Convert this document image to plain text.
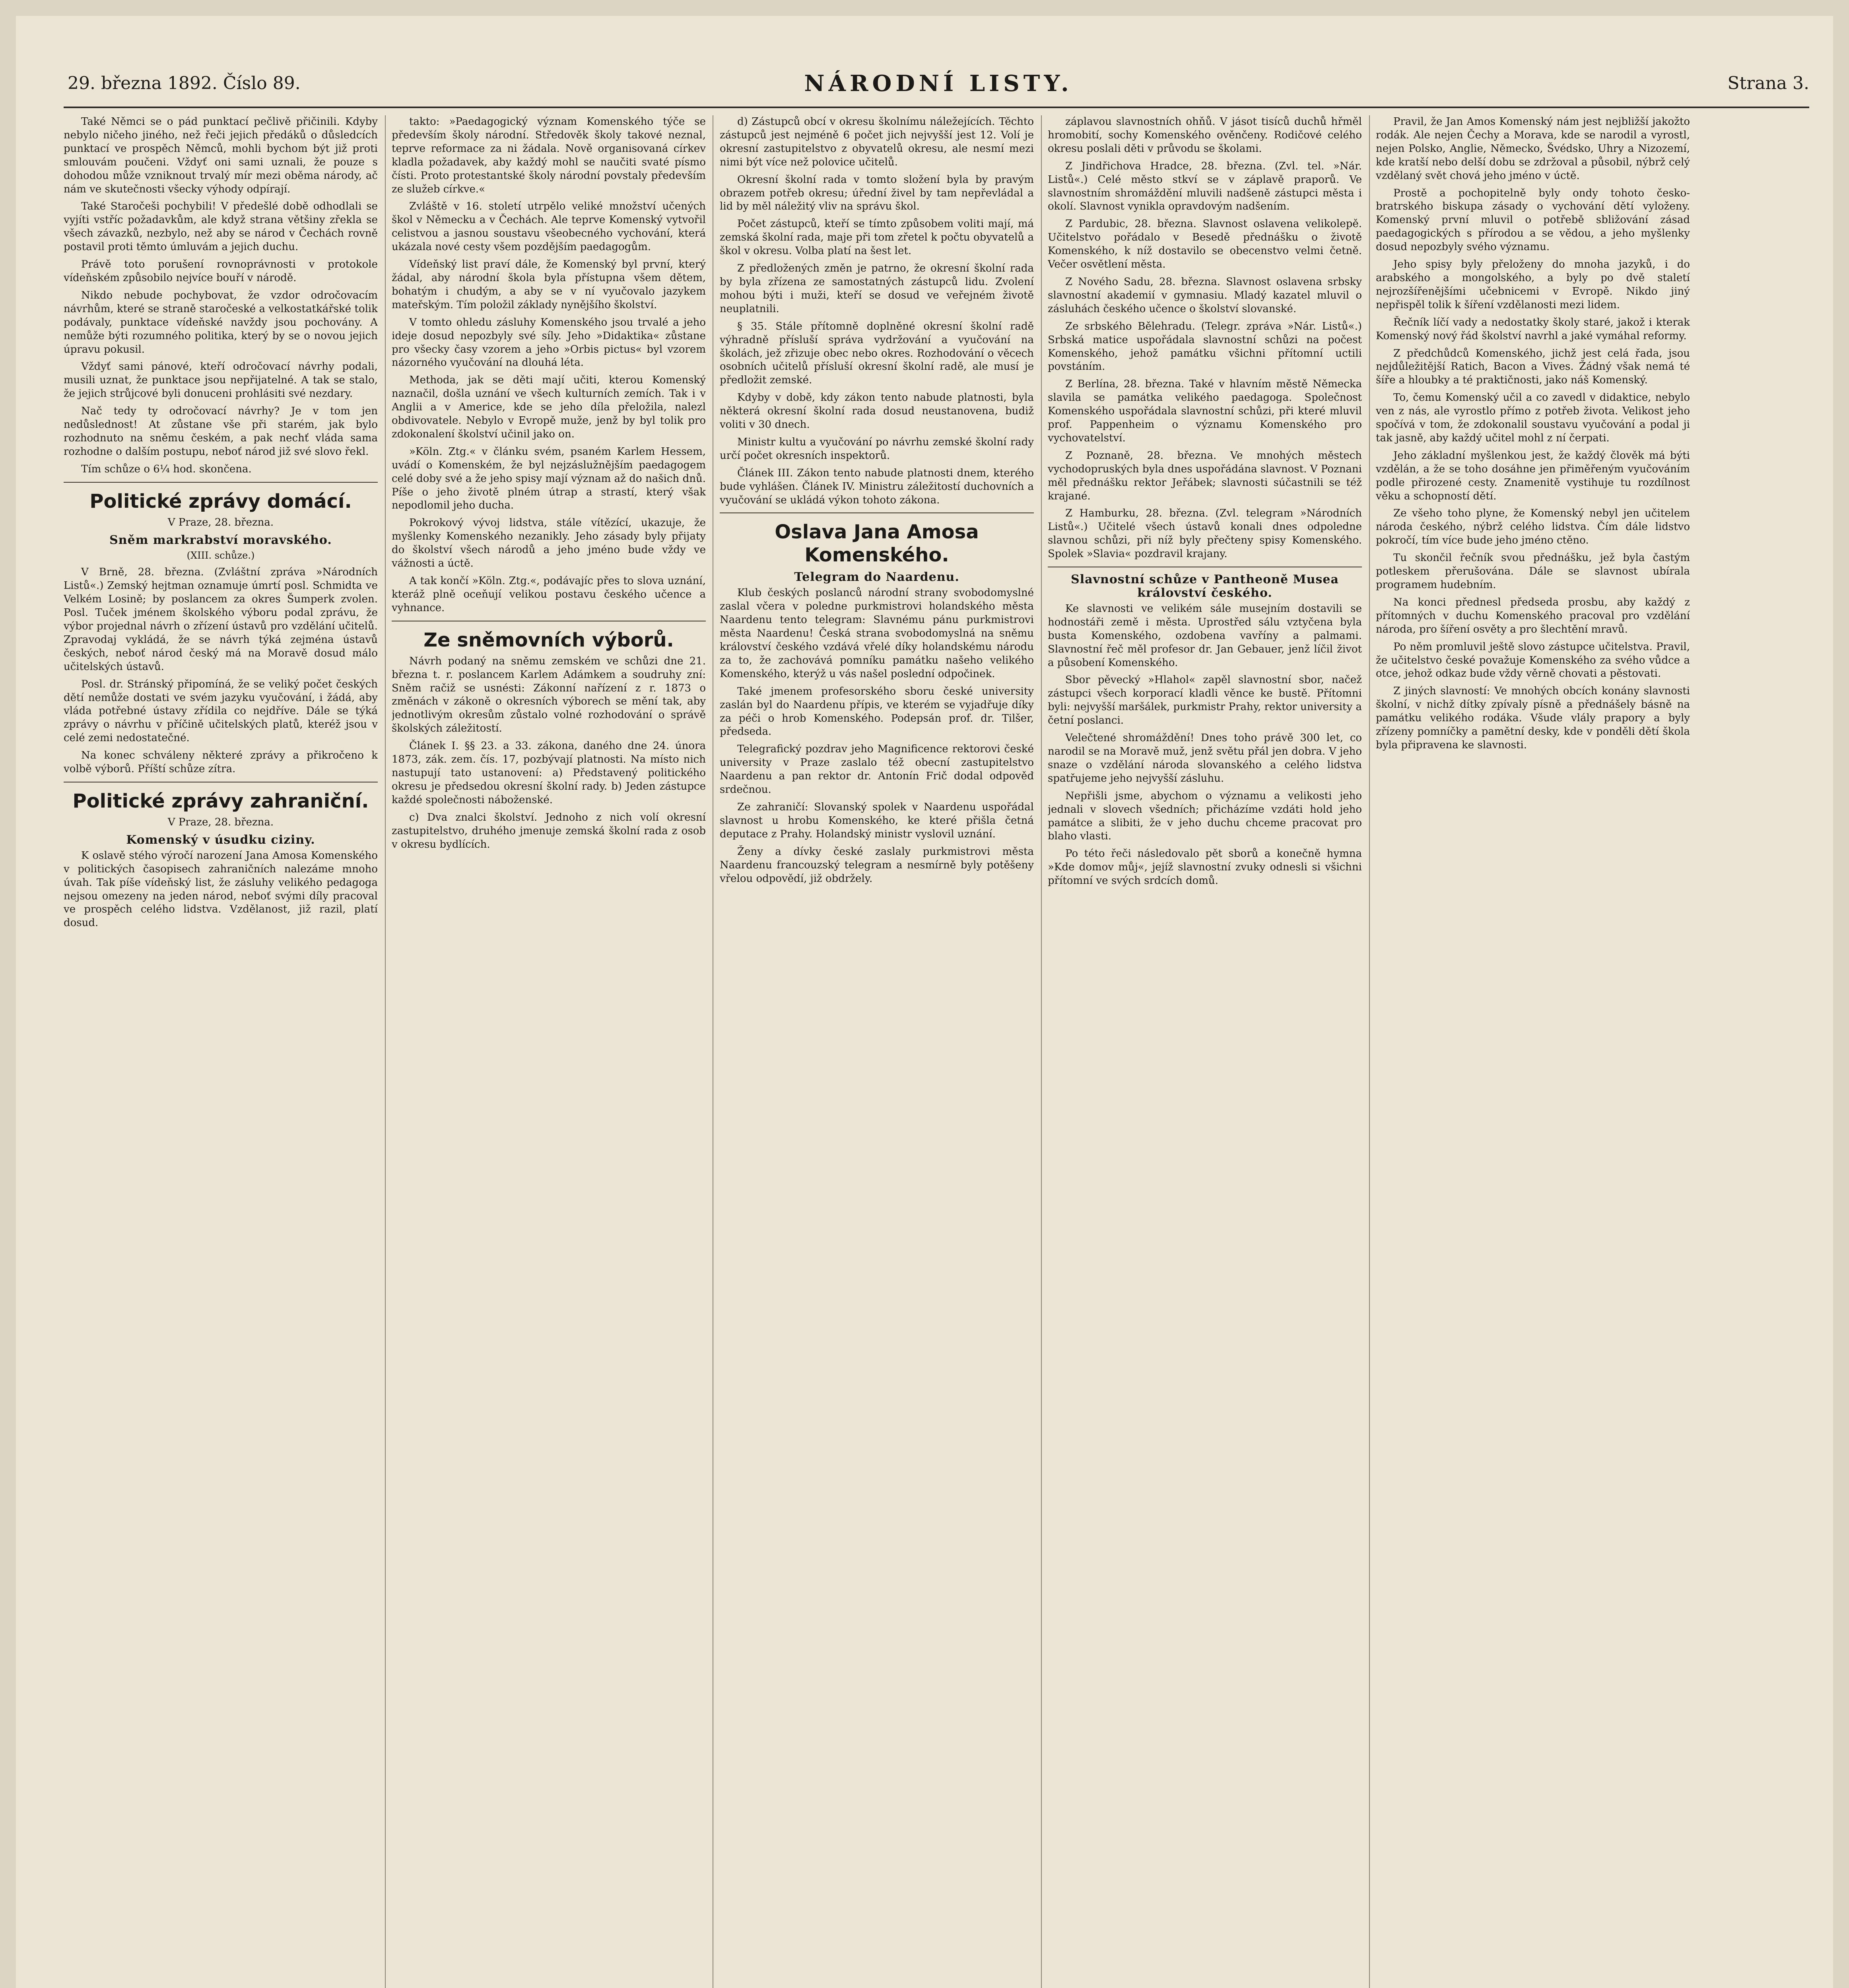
29. března 1892. Číslo 89.	NÁRODNÍ LISTY.	Strana 3.

Také Němci se o pád punktací pečlivě přičinili. Kdyby nebylo ničeho jiného, než řeči jejich předáků o důsledcích punktací ve prospěch Němců, mohli bychom být již proti smlouvám poučeni. Vždyť oni sami uznali, že pouze s dohodou může vzniknout trvalý mír mezi oběma národy, ač nám ve skutečnosti všecky výhody odpírají.

Také Staročeši pochybili! V předešlé době odhodlali se vyjíti vstříc požadavkům, ale když strana většiny zřekla se všech závazků, nezbylo, než aby se národ v Čechách rovně postavil proti těmto úmluvám a jejich duchu.

Právě toto porušení rovnoprávnosti v protokole vídeňském způsobilo nejvíce bouří v národě.

Nikdo nebude pochybovat, že vzdor odročovacím návrhům, které se straně staročeské a velkostatkářské tolik podávaly, punktace vídeňské navždy jsou pochovány. A nemůže býti rozumného politika, který by se o novou jejich úpravu pokusil.

Vždyť sami pánové, kteří odročovací návrhy podali, musili uznat, že punktace jsou nepřijatelné. A tak se stalo, že jejich strůjcové byli donuceni prohlásiti své nezdary.

Nač tedy ty odročovací návrhy? Je v tom jen nedůslednost! At zůstane vše při starém, jak bylo rozhodnuto na sněmu českém, a pak nechť vláda sama rozhodne o dalším postupu, neboť národ již své slovo řekl.

Tím schůze o 6¼ hod. skončena.

Politické zprávy domácí.
V Praze, 28. března.
Sněm markrabství moravského.
(XIII. schůze.)

V Brně, 28. března. (Zvláštní zpráva »Národních Listů«.) Zemský hejtman oznamuje úmrtí posl. Schmidta ve Velkém Losině; by poslancem za okres Šumperk zvolen. Posl. Tuček jménem školského výboru podal zprávu, že výbor projednal návrh o zřízení ústavů pro vzdělání učitelů. Zpravodaj vykládá, že se návrh týká zejména ústavů českých, neboť národ český má na Moravě dosud málo učitelských ústavů.

Posl. dr. Stránský připomíná, že se veliký počet českých dětí nemůže dostati ve svém jazyku vyučování, i žádá, aby vláda potřebné ústavy zřídila co nejdříve. Dále se týká zprávy o návrhu v příčině učitelských platů, kteréž jsou v celé zemi nedostatečné.

Na konec schváleny některé zprávy a přikročeno k volbě výborů. Příští schůze zítra.

Politické zprávy zahraniční.
V Praze, 28. března.
Komenský v úsudku ciziny.

K oslavě stého výročí narození Jana Amosa Komenského v politických časopisech zahraničních nalezáme mnoho úvah. Tak píše vídeňský list, že zásluhy velikého pedagoga nejsou omezeny na jeden národ, neboť svými díly pracoval ve prospěch celého lidstva. Vzdělanost, již razil, platí dosud.

takto: »Paedagogický význam Komenského týče se především školy národní. Středověk školy takové neznal, teprve reformace za ni žádala. Nově organisovaná církev kladla požadavek, aby každý mohl se naučiti svaté písmo čísti. Proto protestantské školy národní povstaly především ze služeb církve.«

Zvláště v 16. století utrpělo veliké množství učených škol v Německu a v Čechách. Ale teprve Komenský vytvořil celistvou a jasnou soustavu všeobecného vychování, která ukázala nové cesty všem pozdějším paedagogům.

Vídeňský list praví dále, že Komenský byl první, který žádal, aby národní škola byla přístupna všem dětem, bohatým i chudým, a aby se v ní vyučovalo jazykem mateřským. Tím položil základy nynějšího školství.

V tomto ohledu zásluhy Komenského jsou trvalé a jeho ideje dosud nepozbyly své síly. Jeho »Didaktika« zůstane pro všecky časy vzorem a jeho »Orbis pictus« byl vzorem názorného vyučování na dlouhá léta.

Methoda, jak se děti mají učiti, kterou Komenský naznačil, došla uznání ve všech kulturních zemích. Tak i v Anglii a v Americe, kde se jeho díla přeložila, nalezl obdivovatele. Nebylo v Evropě muže, jenž by byl tolik pro zdokonalení školství učinil jako on.

»Köln. Ztg.« v článku svém, psaném Karlem Hessem, uvádí o Komenském, že byl nejzáslužnějším paedagogem celé doby své a že jeho spisy mají význam až do našich dnů. Píše o jeho životě plném útrap a strastí, který však nepodlomil jeho ducha.

Pokrokový vývoj lidstva, stále vítězící, ukazuje, že myšlenky Komenského nezanikly. Jeho zásady byly přijaty do školství všech národů a jeho jméno bude vždy ve vážnosti a úctě.

A tak končí »Köln. Ztg.«, podávajíc přes to slova uznání, kteráž plně oceňují velikou postavu českého učence a vyhnance.

Ze sněmovních výborů.

Návrh podaný na sněmu zemském ve schůzi dne 21. března t. r. poslancem Karlem Adámkem a soudruhy zní: Sněm račiž se usnésti: Zákonní nařízení z r. 1873 o změnách v zákoně o okresních výborech se mění tak, aby jednotlivým okresům zůstalo volné rozhodování o správě školských záležitostí.

Článek I. §§ 23. a 33. zákona, daného dne 24. února 1873, zák. zem. čís. 17, pozbývají platnosti. Na místo nich nastupují tato ustanovení: a) Představený politického okresu je předsedou okresní školní rady. b) Jeden zástupce každé společnosti náboženské.

c) Dva znalci školství. Jednoho z nich volí okresní zastupitelstvo, druhého jmenuje zemská školní rada z osob v okresu bydlících.

d) Zástupců obcí v okresu školnímu náležejících. Těchto zástupců jest nejméně 6 počet jich nejvyšší jest 12. Volí je okresní zastupitelstvo z obyvatelů okresu, ale nesmí mezi nimi být více než polovice učitelů.

Okresní školní rada v tomto složení byla by pravým obrazem potřeb okresu; úřední živel by tam nepřevládal a lid by měl náležitý vliv na správu škol.

Počet zástupců, kteří se tímto způsobem voliti mají, má zemská školní rada, maje při tom zřetel k počtu obyvatelů a škol v okresu. Volba platí na šest let.

Z předložených změn je patrno, že okresní školní rada by byla zřízena ze samostatných zástupců lidu. Zvolení mohou býti i muži, kteří se dosud ve veřejném životě neuplatnili.

§ 35. Stále přítomně doplněné okresní školní radě výhradně přísluší správa vydržování a vyučování na školách, jež zřizuje obec nebo okres. Rozhodování o věcech osobních učitelů přísluší okresní školní radě, ale musí je předložit zemské.

Kdyby v době, kdy zákon tento nabude platnosti, byla některá okresní školní rada dosud neustanovena, budiž voliti v 30 dnech.

Ministr kultu a vyučování po návrhu zemské školní rady určí počet okresních inspektorů.

Článek III. Zákon tento nabude platnosti dnem, kterého bude vyhlášen. Článek IV. Ministru záležitostí duchovních a vyučování se ukládá výkon tohoto zákona.

Oslava Jana Amosa Komenského.
Telegram do Naardenu.

Klub českých poslanců národní strany svobodomyslné zaslal včera v poledne purkmistrovi holandského města Naardenu tento telegram: Slavnému pánu purkmistrovi města Naardenu! Česká strana svobodomyslná na sněmu království českého vzdává vřelé díky holandskému národu za to, že zachovává pomníku památku našeho velikého Komenského, kterýž u vás našel poslední odpočinek.

Také jmenem profesorského sboru české university zaslán byl do Naardenu přípis, ve kterém se vyjadřuje díky za péči o hrob Komenského. Podepsán prof. dr. Tilšer, předseda.

Telegrafický pozdrav jeho Magnificence rektorovi české university v Praze zaslalo též obecní zastupitelstvo Naardenu a pan rektor dr. Antonín Frič dodal odpověď srdečnou.

Ze zahraničí: Slovanský spolek v Naardenu uspořádal slavnost u hrobu Komenského, ke které přišla četná deputace z Prahy. Holandský ministr vyslovil uznání.

Ženy a dívky české zaslaly purkmistrovi města Naardenu francouzský telegram a nesmírně byly potěšeny vřelou odpovědí, již obdržely.

záplavou slavnostních ohňů. V jásot tisíců duchů hřměl hromobití, sochy Komenského ověnčeny. Rodičové celého okresu poslali děti v průvodu se školami.

Z Jindřichova Hradce, 28. března. (Zvl. tel. »Nár. Listů«.) Celé město stkví se v záplavě praporů. Ve slavnostním shromáždění mluvili nadšeně zástupci města i okolí. Slavnost vynikla opravdovým nadšením.

Z Pardubic, 28. března. Slavnost oslavena velikolepě. Učitelstvo pořádalo v Besedě přednášku o životě Komenského, k níž dostavilo se obecenstvo velmi četně. Večer osvětlení města.

Z Nového Sadu, 28. března. Slavnost oslavena srbsky slavnostní akademií v gymnasiu. Mladý kazatel mluvil o zásluhách českého učence o školství slovanské.

Ze srbského Bělehradu. (Telegr. zpráva »Nár. Listů«.) Srbská matice uspořádala slavnostní schůzi na počest Komenského, jehož památku všichni přítomní uctili povstáním.

Z Berlína, 28. března. Také v hlavním městě Německa slavila se památka velikého paedagoga. Společnost Komenského uspořádala slavnostní schůzi, při které mluvil prof. Pappenheim o významu Komenského pro vychovatelství.

Z Poznaně, 28. března. Ve mnohých městech vychodopruských byla dnes uspořádána slavnost. V Poznani měl přednášku rektor Jeřábek; slavnosti súčastnili se též krajané.

Z Hamburku, 28. března. (Zvl. telegram »Národních Listů«.) Učitelé všech ústavů konali dnes odpoledne slavnou schůzi, při níž byly přečteny spisy Komenského. Spolek »Slavia« pozdravil krajany.

Slavnostní schůze v Pantheoně Musea království českého.

Ke slavnosti ve velikém sále musejním dostavili se hodnostáři země i města. Uprostřed sálu vztyčena byla busta Komenského, ozdobena vavříny a palmami. Slavnostní řeč měl profesor dr. Jan Gebauer, jenž líčil život a působení Komenského.

Sbor pěvecký »Hlahol« zapěl slavnostní sbor, načež zástupci všech korporací kladli věnce ke bustě. Přítomni byli: nejvyšší maršálek, purkmistr Prahy, rektor university a četní poslanci.

Velečtené shromáždění! Dnes toho právě 300 let, co narodil se na Moravě muž, jenž světu přál jen dobra. V jeho snaze o vzdělání národa slovanského a celého lidstva spatřujeme jeho nejvyšší zásluhu.

Nepřišli jsme, abychom o významu a velikosti jeho jednali v slovech všedních; přicházíme vzdáti hold jeho památce a slibiti, že v jeho duchu chceme pracovat pro blaho vlasti.

Po této řeči následovalo pět sborů a konečně hymna »Kde domov můj«, jejíž slavnostní zvuky odnesli si všichni přítomní ve svých srdcích domů.

Pravil, že Jan Amos Komenský nám jest nejbližší jakožto rodák. Ale nejen Čechy a Morava, kde se narodil a vyrostl, nejen Polsko, Anglie, Německo, Švédsko, Uhry a Nizozemí, kde kratší nebo delší dobu se zdržoval a působil, nýbrž celý vzdělaný svět chová jeho jméno v úctě.

Prostě a pochopitelně byly ondy tohoto česko-bratrského biskupa zásady o vychování dětí vyloženy. Komenský první mluvil o potřebě sbližování zásad paedagogických s přírodou a se vědou, a jeho myšlenky dosud nepozbyly svého významu.

Jeho spisy byly přeloženy do mnoha jazyků, i do arabského a mongolského, a byly po dvě staletí nejrozšířenějšími učebnicemi v Evropě. Nikdo jiný nepřispěl tolik k šíření vzdělanosti mezi lidem.

Řečník líčí vady a nedostatky školy staré, jakož i kterak Komenský nový řád školství navrhl a jaké vymáhal reformy.

Z předchůdců Komenského, jichž jest celá řada, jsou nejdůležitější Ratich, Bacon a Vives. Žádný však nemá té šíře a hloubky a té praktičnosti, jako náš Komenský.

To, čemu Komenský učil a co zavedl v didaktice, nebylo ven z nás, ale vyrostlo přímo z potřeb života. Velikost jeho spočívá v tom, že zdokonalil soustavu vyučování a podal ji tak jasně, aby každý učitel mohl z ní čerpati.

Jeho základní myšlenkou jest, že každý člověk má býti vzdělán, a že se toho dosáhne jen přiměřeným vyučováním podle přirozené cesty. Znamenitě vystihuje tu rozdílnost věku a schopností dětí.

Ze všeho toho plyne, že Komenský nebyl jen učitelem národa českého, nýbrž celého lidstva. Čím dále lidstvo pokročí, tím více bude jeho jméno ctěno.

Tu skončil řečník svou přednášku, jež byla častým potleskem přerušována. Dále se slavnost ubírala programem hudebním.

Na konci přednesl předseda prosbu, aby každý z přítomných v duchu Komenského pracoval pro vzdělání národa, pro šíření osvěty a pro šlechtění mravů.

Po něm promluvil ještě slovo zástupce učitelstva. Pravil, že učitelstvo české považuje Komenského za svého vůdce a otce, jehož odkaz bude vždy věrně chovati a pěstovati.

Z jiných slavností: Ve mnohých obcích konány slavnosti školní, v nichž dítky zpívaly písně a přednášely básně na památku velikého rodáka. Všude vlály prapory a byly zřízeny pomníčky a pamětní desky, kde v ponděli dětí škola byla připravena ke slavnosti.
